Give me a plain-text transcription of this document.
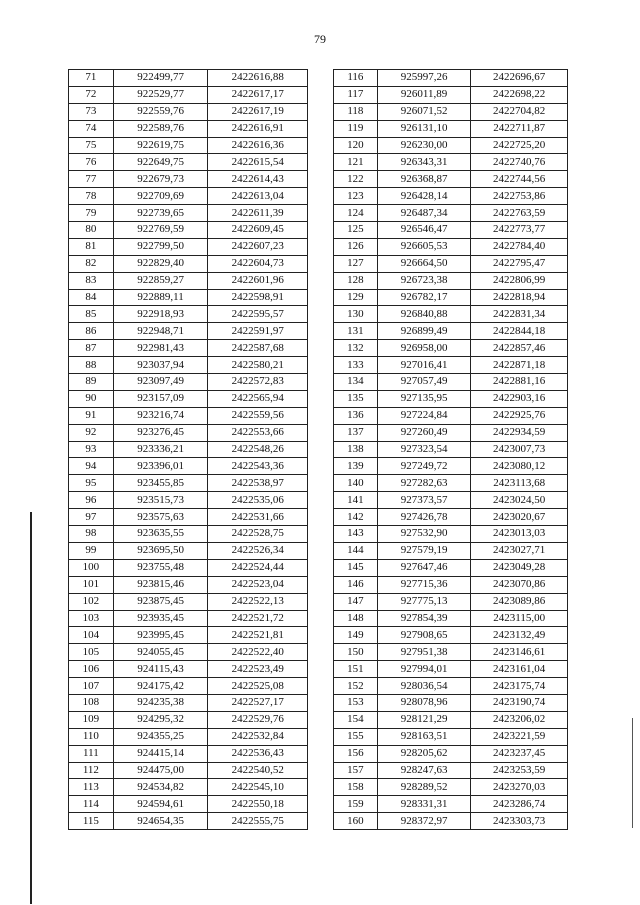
79
71	922499,77	2422616,88
72	922529,77	2422617,17
73	922559,76	2422617,19
74	922589,76	2422616,91
75	922619,75	2422616,36
76	922649,75	2422615,54
77	922679,73	2422614,43
78	922709,69	2422613,04
79	922739,65	2422611,39
80	922769,59	2422609,45
81	922799,50	2422607,23
82	922829,40	2422604,73
83	922859,27	2422601,96
84	922889,11	2422598,91
85	922918,93	2422595,57
86	922948,71	2422591,97
87	922981,43	2422587,68
88	923037,94	2422580,21
89	923097,49	2422572,83
90	923157,09	2422565,94
91	923216,74	2422559,56
92	923276,45	2422553,66
93	923336,21	2422548,26
94	923396,01	2422543,36
95	923455,85	2422538,97
96	923515,73	2422535,06
97	923575,63	2422531,66
98	923635,55	2422528,75
99	923695,50	2422526,34
100	923755,48	2422524,44
101	923815,46	2422523,04
102	923875,45	2422522,13
103	923935,45	2422521,72
104	923995,45	2422521,81
105	924055,45	2422522,40
106	924115,43	2422523,49
107	924175,42	2422525,08
108	924235,38	2422527,17
109	924295,32	2422529,76
110	924355,25	2422532,84
111	924415,14	2422536,43
112	924475,00	2422540,52
113	924534,82	2422545,10
114	924594,61	2422550,18
115	924654,35	2422555,75
116	925997,26	2422696,67
117	926011,89	2422698,22
118	926071,52	2422704,82
119	926131,10	2422711,87
120	926230,00	2422725,20
121	926343,31	2422740,76
122	926368,87	2422744,56
123	926428,14	2422753,86
124	926487,34	2422763,59
125	926546,47	2422773,77
126	926605,53	2422784,40
127	926664,50	2422795,47
128	926723,38	2422806,99
129	926782,17	2422818,94
130	926840,88	2422831,34
131	926899,49	2422844,18
132	926958,00	2422857,46
133	927016,41	2422871,18
134	927057,49	2422881,16
135	927135,95	2422903,16
136	927224,84	2422925,76
137	927260,49	2422934,59
138	927323,54	2423007,73
139	927249,72	2423080,12
140	927282,63	2423113,68
141	927373,57	2423024,50
142	927426,78	2423020,67
143	927532,90	2423013,03
144	927579,19	2423027,71
145	927647,46	2423049,28
146	927715,36	2423070,86
147	927775,13	2423089,86
148	927854,39	2423115,00
149	927908,65	2423132,49
150	927951,38	2423146,61
151	927994,01	2423161,04
152	928036,54	2423175,74
153	928078,96	2423190,74
154	928121,29	2423206,02
155	928163,51	2423221,59
156	928205,62	2423237,45
157	928247,63	2423253,59
158	928289,52	2423270,03
159	928331,31	2423286,74
160	928372,97	2423303,73
